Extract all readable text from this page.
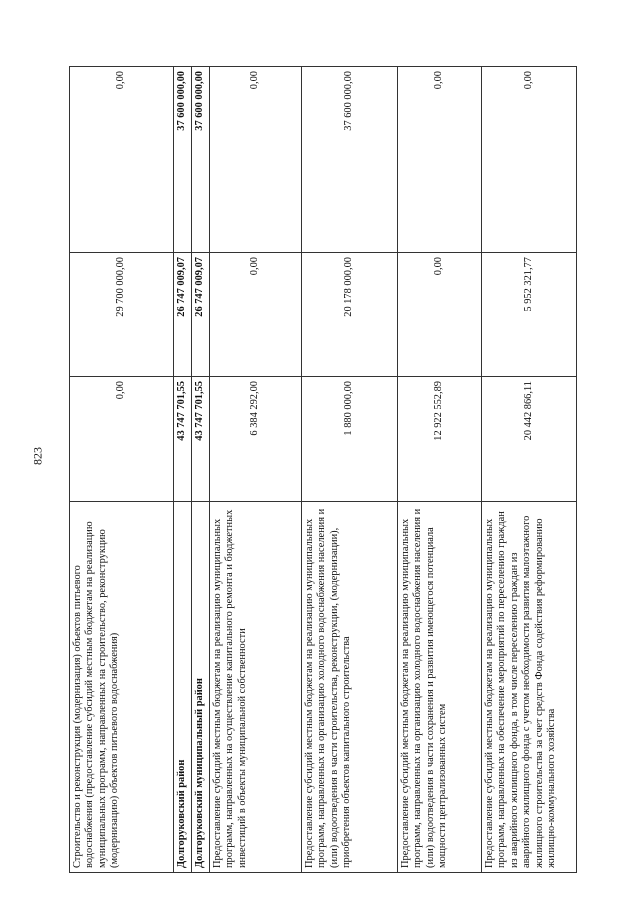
823
Строительство и реконструкция (модернизация) объектов питьевого водоснабжения (предоставление субсидий местным бюджетам на реализацию муниципальных программ, направленных на строительство, реконструкцию (модернизацию) объектов питьевого водоснабжения)	0,00	29 700 000,00	0,00
Долгоруковский район	43 747 701,55	26 747 009,07	37 600 000,00
Долгоруковский муниципальный район	43 747 701,55	26 747 009,07	37 600 000,00
Предоставление субсидий местным бюджетам на реализацию муниципальных программ, направленных на осуществление капитального ремонта и бюджетных инвестиций в объекты муниципальной собственности	6 384 292,00	0,00	0,00
Предоставление субсидий местным бюджетам на реализацию муниципальных программ, направленных на организацию холодного водоснабжения населения и (или) водоотведения в части строительства, реконструкции, (модернизации), приобретения объектов капитального строительства	1 880 000,00	20 178 000,00	37 600 000,00
Предоставление субсидий местным бюджетам на реализацию муниципальных программ, направленных на организацию холодного водоснабжения населения и (или) водоотведения в части сохранения и развития имеющегося потенциала мощности централизованных систем	12 922 552,89	0,00	0,00
Предоставление субсидий местным бюджетам на реализацию муниципальных программ, направленных на обеспечение мероприятий по переселению граждан из аварийного жилищного фонда, в том числе переселению граждан из аварийного жилищного фонда с учетом необходимости развития малоэтажного жилищного строительства за счет средств Фонда содействия реформированию жилищно-коммунального хозяйства	20 442 866,11	5 952 321,77	0,00
